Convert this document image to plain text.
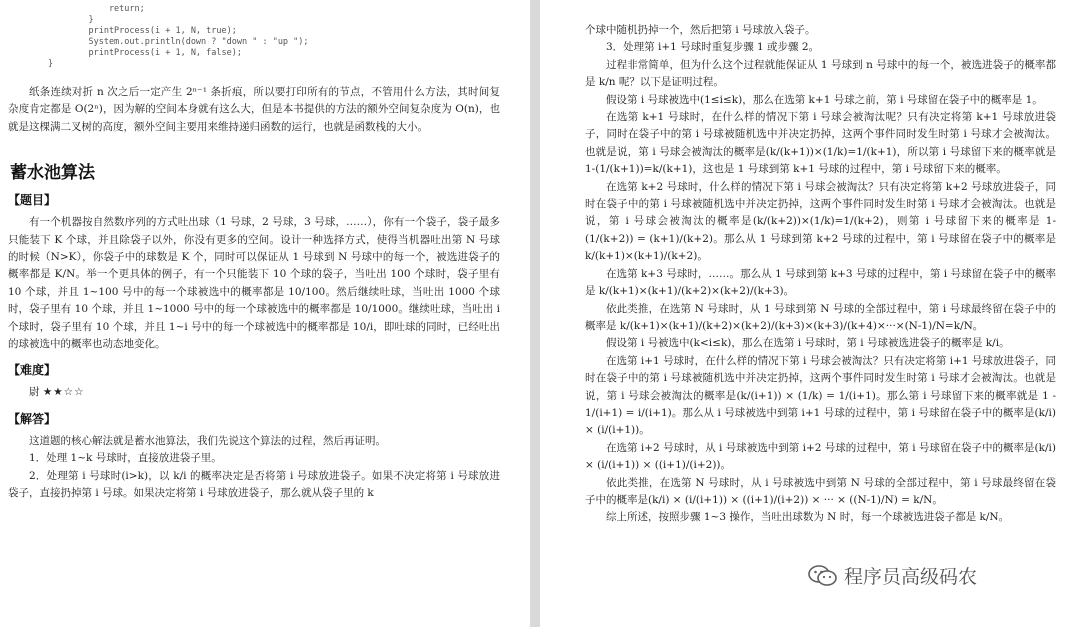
return;
}
printProcess(i + 1, N, true);
System.out.println(down ? "down " : "up ");
printProcess(i + 1, N, false);
}

纸条连续对折 n 次之后一定产生 2ⁿ⁻¹ 条折痕，所以要打印所有的节点，不管用什么方法，其时间复杂度肯定都是 O(2ⁿ)，因为解的空间本身就有这么大，但是本书提供的方法的额外空间复杂度为 O(n)，也就是这棵满二叉树的高度，额外空间主要用来维持递归函数的运行，也就是函数栈的大小。

蓄水池算法
【题目】

有一个机器按自然数序列的方式吐出球（1 号球，2 号球，3 号球，……），你有一个袋子，袋子最多只能装下 K 个球，并且除袋子以外，你没有更多的空间。设计一种选择方式，使得当机器吐出第 N 号球的时候（N>K），你袋子中的球数是 K 个，同时可以保证从 1 号球到 N 号球中的每一个，被选进袋子的概率都是 K/N。举一个更具体的例子，有一个只能装下 10 个球的袋子，当吐出 100 个球时，袋子里有 10 个球，并且 1~100 号中的每一个球被选中的概率都是 10/100。然后继续吐球，当吐出 1000 个球时，袋子里有 10 个球，并且 1~1000 号中的每一个球被选中的概率都是 10/1000。继续吐球，当吐出 i 个球时，袋子里有 10 个球，并且 1~i 号中的每一个球被选中的概率都是 10/i，即吐球的同时，已经吐出的球被选中的概率也动态地变化。

【难度】

尉 ★★☆☆

【解答】

这道题的核心解法就是蓄水池算法，我们先说这个算法的过程，然后再证明。

1．处理 1~k 号球时，直接放进袋子里。

2．处理第 i 号球时(i>k)，以 k/i 的概率决定是否将第 i 号球放进袋子。如果不决定将第 i 号球放进袋子，直接扔掉第 i 号球。如果决定将第 i 号球放进袋子，那么就从袋子里的 k

个球中随机扔掉一个，然后把第 i 号球放入袋子。

3．处理第 i+1 号球时重复步骤 1 或步骤 2。

过程非常简单，但为什么这个过程就能保证从 1 号球到 n 号球中的每一个，被选进袋子的概率都是 k/n 呢？以下是证明过程。

假设第 i 号球被选中(1≤i≤k)，那么在选第 k+1 号球之前，第 i 号球留在袋子中的概率是 1。

在选第 k+1 号球时，在什么样的情况下第 i 号球会被淘汰呢？只有决定将第 k+1 号球放进袋子，同时在袋子中的第 i 号球被随机选中并决定扔掉，这两个事件同时发生时第 i 号球才会被淘汰。也就是说，第 i 号球会被淘汰的概率是(k/(k+1))×(1/k)=1/(k+1)，所以第 i 号球留下来的概率就是 1-(1/(k+1))=k/(k+1)，这也是 1 号球到第 k+1 号球的过程中，第 i 号球留下来的概率。

在选第 k+2 号球时，什么样的情况下第 i 号球会被淘汰？只有决定将第 k+2 号球放进袋子，同时在袋子中的第 i 号球被随机选中并决定扔掉，这两个事件同时发生时第 i 号球才会被淘汰。也就是说，第 i 号球会被淘汰的概率是(k/(k+2))×(1/k)=1/(k+2)，则第 i 号球留下来的概率是 1-(1/(k+2)) = (k+1)/(k+2)。那么从 1 号球到第 k+2 号球的过程中，第 i 号球留在袋子中的概率是 k/(k+1)×(k+1)/(k+2)。

在选第 k+3 号球时，……。那么从 1 号球到第 k+3 号球的过程中，第 i 号球留在袋子中的概率是 k/(k+1)×(k+1)/(k+2)×(k+2)/(k+3)。

依此类推，在选第 N 号球时，从 1 号球到第 N 号球的全部过程中，第 i 号球最终留在袋子中的概率是 k/(k+1)×(k+1)/(k+2)×(k+2)/(k+3)×(k+3)/(k+4)×···×(N-1)/N=k/N。

假设第 i 号被选中(k<i≤k)，那么在选第 i 号球时，第 i 号球被选进袋子的概率是 k/i。

在选第 i+1 号球时，在什么样的情况下第 i 号球会被淘汰？只有决定将第 i+1 号球放进袋子，同时在袋子中的第 i 号球被随机选中并决定扔掉，这两个事件同时发生时第 i 号球才会被淘汰。也就是说，第 i 号球会被淘汰的概率是(k/(i+1)) × (1/k) = 1/(i+1)。那么第 i 号球留下来的概率就是 1 - 1/(i+1) = i/(i+1)。那么从 i 号球被选中到第 i+1 号球的过程中，第 i 号球留在袋子中的概率是(k/i) × (i/(i+1))。

在选第 i+2 号球时，从 i 号球被选中到第 i+2 号球的过程中，第 i 号球留在袋子中的概率是(k/i) × (i/(i+1)) × ((i+1)/(i+2))。

依此类推，在选第 N 号球时，从 i 号球被选中到第 N 号球的全部过程中，第 i 号球最终留在袋子中的概率是(k/i) × (i/(i+1)) × ((i+1)/(i+2)) × ··· × ((N-1)/N) = k/N。

综上所述，按照步骤 1~3 操作，当吐出球数为 N 时，每一个球被选进袋子都是 k/N。

程序员高级码农
